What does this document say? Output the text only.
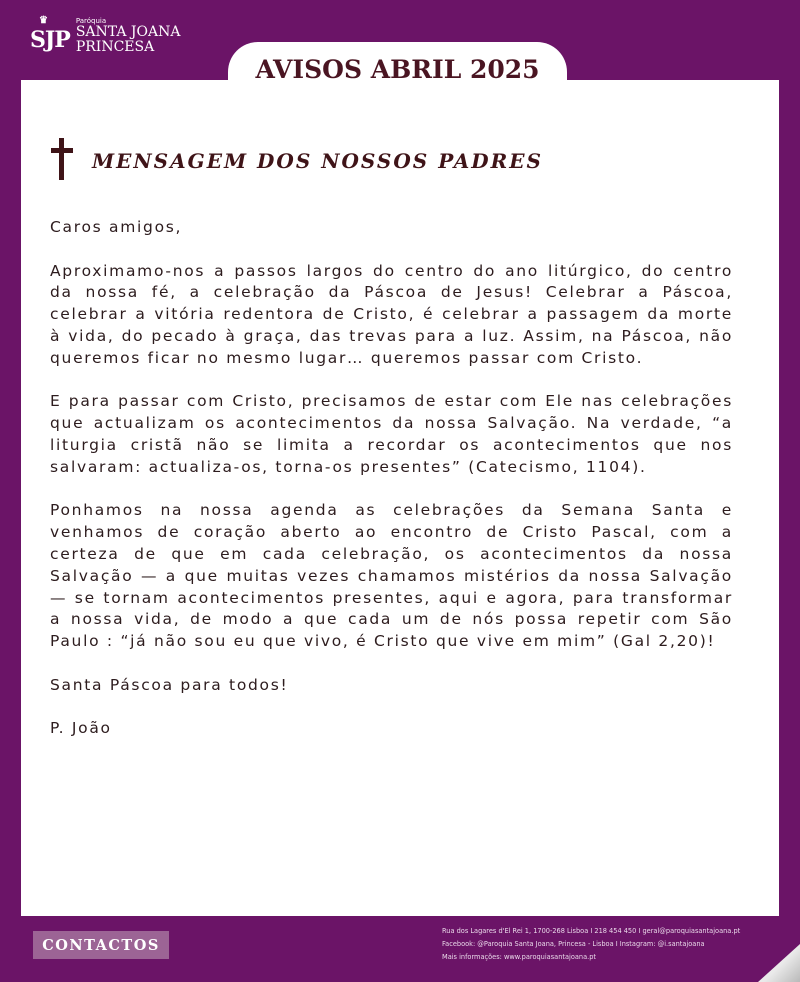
♛
SJP
Paróquia
SANTA JOANA
PRINCESA
MENSAGEM DOS NOSSOS PADRES

Caros amigos,

Aproximamo-nos a passos largos do centro do ano litúrgico, do centro da nossa fé, a celebração da Páscoa de Jesus! Celebrar a Páscoa, celebrar a vitória redentora de Cristo, é celebrar a passagem da morte à vida, do pecado à graça, das trevas para a luz. Assim, na Páscoa, não queremos ficar no mesmo lugar… queremos passar com Cristo.

E para passar com Cristo, precisamos de estar com Ele nas celebrações que actualizam os acontecimentos da nossa Salvação. Na verdade, “a liturgia cristã não se limita a recordar os acontecimentos que nos salvaram: actualiza-os, torna-os presentes” (Catecismo, 1104).

Ponhamos na nossa agenda as celebrações da Semana Santa e venhamos de coração aberto ao encontro de Cristo Pascal, com a certeza de que em cada celebração, os acontecimentos da nossa Salvação — a que muitas vezes chamamos mistérios da nossa Salvação — se tornam acontecimentos presentes, aqui e agora, para transformar a nossa vida, de modo a que cada um de nós possa repetir com São Paulo : “já não sou eu que vivo, é Cristo que vive em mim” (Gal 2,20)!

Santa Páscoa para todos!

P. João

AVISOS ABRIL 2025
CONTACTOS
Rua dos Lagares d'El Rei 1, 1700-268 Lisboa I 218 454 450 I geral@paroquiasantajoana.pt
Facebook: @Paroquia Santa Joana, Princesa - Lisboa I Instagram: @i.santajoana
Mais informações: www.paroquiasantajoana.pt
